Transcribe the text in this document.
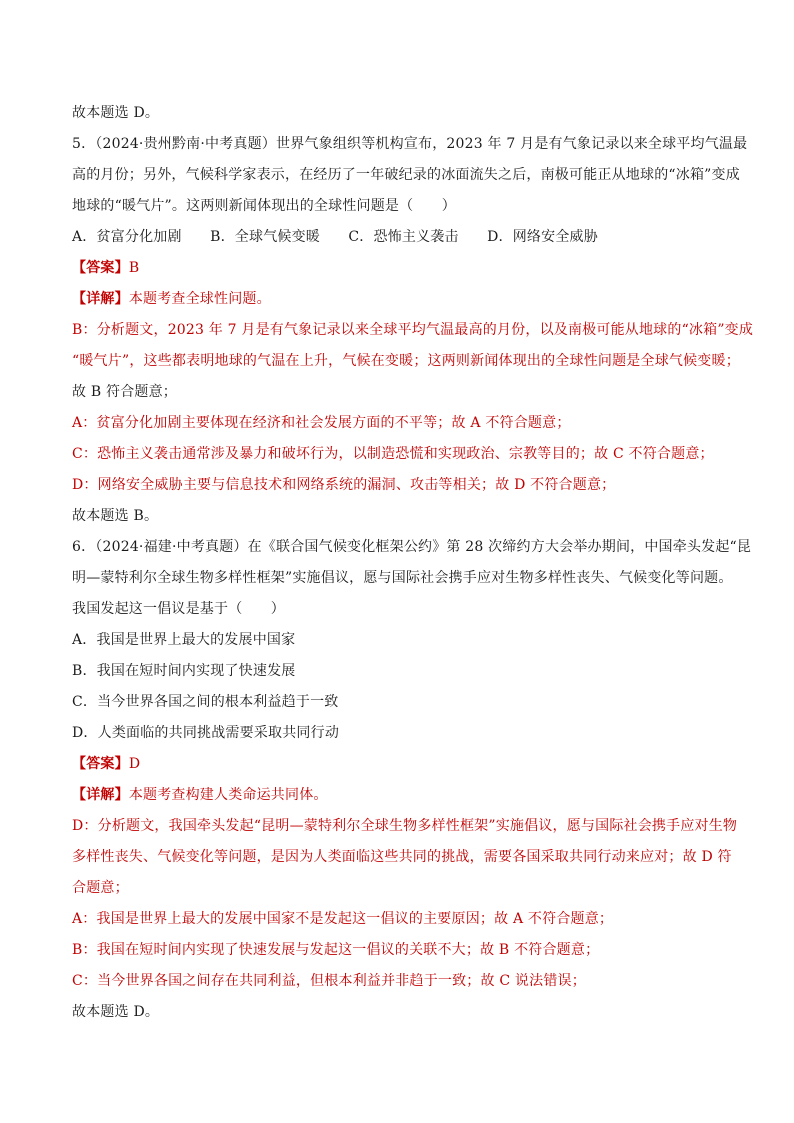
故本题选 D。
5．（2024·贵州黔南·中考真题）世界气象组织等机构宣布，2023 年 7 月是有气象记录以来全球平均气温最
高的月份；另外，气候科学家表示，在经历了一年破纪录的冰面流失之后，南极可能正从地球的“冰箱”变成
地球的“暖气片”。这两则新闻体现出的全球性问题是（　　）
A．贫富分化加剧　　B．全球气候变暖　　C．恐怖主义袭击　　D．网络安全威胁
【答案】B
【详解】本题考查全球性问题。
B：分析题文，2023 年 7 月是有气象记录以来全球平均气温最高的月份，以及南极可能从地球的“冰箱”变成
“暖气片”，这些都表明地球的气温在上升，气候在变暖；这两则新闻体现出的全球性问题是全球气候变暖；
故 B 符合题意；
A：贫富分化加剧主要体现在经济和社会发展方面的不平等；故 A 不符合题意；
C：恐怖主义袭击通常涉及暴力和破坏行为，以制造恐慌和实现政治、宗教等目的；故 C 不符合题意；
D：网络安全威胁主要与信息技术和网络系统的漏洞、攻击等相关；故 D 不符合题意；
故本题选 B。
6．（2024·福建·中考真题）在《联合国气候变化框架公约》第 28 次缔约方大会举办期间，中国牵头发起“昆
明—蒙特利尔全球生物多样性框架”实施倡议，愿与国际社会携手应对生物多样性丧失、气候变化等问题。
我国发起这一倡议是基于（　　）
A．我国是世界上最大的发展中国家
B．我国在短时间内实现了快速发展
C．当今世界各国之间的根本利益趋于一致
D．人类面临的共同挑战需要采取共同行动
【答案】D
【详解】本题考查构建人类命运共同体。
D：分析题文，我国牵头发起“昆明—蒙特利尔全球生物多样性框架”实施倡议，愿与国际社会携手应对生物
多样性丧失、气候变化等问题，是因为人类面临这些共同的挑战，需要各国采取共同行动来应对；故 D 符
合题意；
A：我国是世界上最大的发展中国家不是发起这一倡议的主要原因；故 A 不符合题意；
B：我国在短时间内实现了快速发展与发起这一倡议的关联不大；故 B 不符合题意；
C：当今世界各国之间存在共同利益，但根本利益并非趋于一致；故 C 说法错误；
故本题选 D。
